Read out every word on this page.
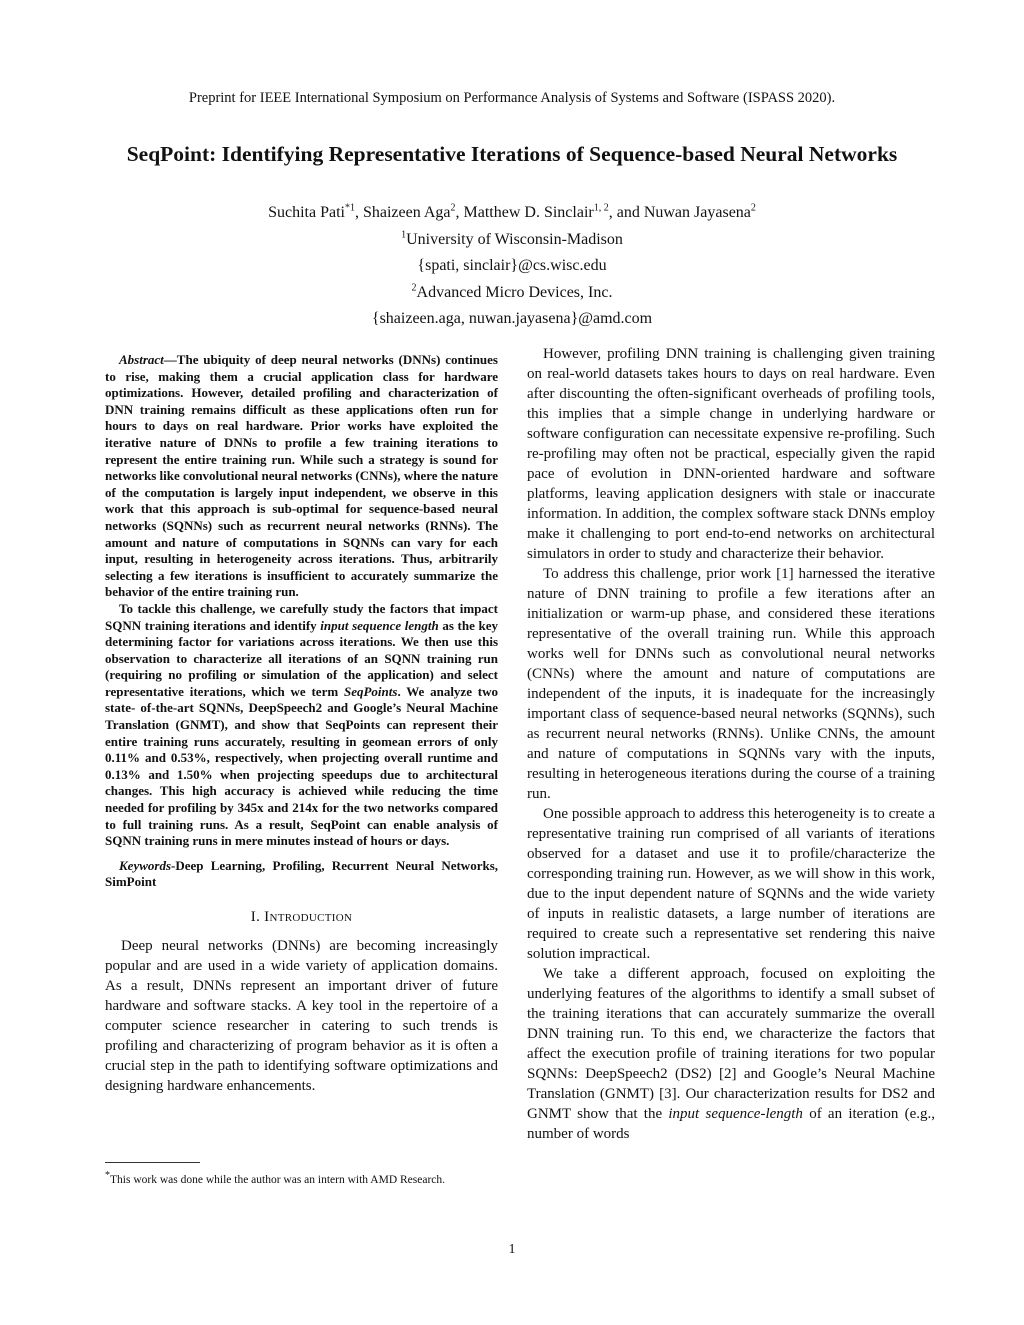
Preprint for IEEE International Symposium on Performance Analysis of Systems and Software (ISPASS 2020).
SeqPoint: Identifying Representative Iterations of Sequence-based Neural Networks
Suchita Pati$^{*1}$, Shaizeen Aga$^2$, Matthew D. Sinclair$^{1, 2}$, and Nuwan Jayasena$^2$
$^1$University of Wisconsin-Madison
{spati, sinclair}@cs.wisc.edu
$^2$Advanced Micro Devices, Inc.
{shaizeen.aga, nuwan.jayasena}@amd.com

Abstract—The ubiquity of deep neural networks (DNNs) continues to rise, making them a crucial application class for hardware optimizations. However, detailed profiling and characterization of DNN training remains difficult as these applications often run for hours to days on real hardware. Prior works have exploited the iterative nature of DNNs to profile a few training iterations to represent the entire training run. While such a strategy is sound for networks like convolutional neural networks (CNNs), where the nature of the computation is largely input independent, we observe in this work that this approach is sub-optimal for sequence-based neural networks (SQNNs) such as recurrent neural networks (RNNs). The amount and nature of computations in SQNNs can vary for each input, resulting in heterogeneity across iterations. Thus, arbitrarily selecting a few iterations is insufficient to accurately summarize the behavior of the entire training run.

To tackle this challenge, we carefully study the factors that impact SQNN training iterations and identify input sequence length as the key determining factor for variations across iterations. We then use this observation to characterize all iterations of an SQNN training run (requiring no profiling or simulation of the application) and select representative iterations, which we term SeqPoints. We analyze two state- of-the-art SQNNs, DeepSpeech2 and Google’s Neural Machine Translation (GNMT), and show that SeqPoints can represent their entire training runs accurately, resulting in geomean errors of only 0.11% and 0.53%, respectively, when projecting overall runtime and 0.13% and 1.50% when projecting speedups due to architectural changes. This high accuracy is achieved while reducing the time needed for profiling by 345x and 214x for the two networks compared to full training runs. As a result, SeqPoint can enable analysis of SQNN training runs in mere minutes instead of hours or days.

Keywords-Deep Learning, Profiling, Recurrent Neural Networks, SimPoint

I. Introduction

Deep neural networks (DNNs) are becoming increasingly popular and are used in a wide variety of application domains. As a result, DNNs represent an important driver of future hardware and software stacks. A key tool in the repertoire of a computer science researcher in catering to such trends is profiling and characterizing of program behavior as it is often a crucial step in the path to identifying software optimizations and designing hardware enhancements.

However, profiling DNN training is challenging given training on real-world datasets takes hours to days on real hardware. Even after discounting the often-significant overheads of profiling tools, this implies that a simple change in underlying hardware or software configuration can necessitate expensive re-profiling. Such re-profiling may often not be practical, especially given the rapid pace of evolution in DNN-oriented hardware and software platforms, leaving application designers with stale or inaccurate information. In addition, the complex software stack DNNs employ make it challenging to port end-to-end networks on architectural simulators in order to study and characterize their behavior.

To address this challenge, prior work [1] harnessed the iterative nature of DNN training to profile a few iterations after an initialization or warm-up phase, and considered these iterations representative of the overall training run. While this approach works well for DNNs such as convolutional neural networks (CNNs) where the amount and nature of computations are independent of the inputs, it is inadequate for the increasingly important class of sequence-based neural networks (SQNNs), such as recurrent neural networks (RNNs). Unlike CNNs, the amount and nature of computations in SQNNs vary with the inputs, resulting in heterogeneous iterations during the course of a training run.

One possible approach to address this heterogeneity is to create a representative training run comprised of all variants of iterations observed for a dataset and use it to profile/characterize the corresponding training run. However, as we will show in this work, due to the input dependent nature of SQNNs and the wide variety of inputs in realistic datasets, a large number of iterations are required to create such a representative set rendering this naive solution impractical.

We take a different approach, focused on exploiting the underlying features of the algorithms to identify a small subset of the training iterations that can accurately summarize the overall DNN training run. To this end, we characterize the factors that affect the execution profile of training iterations for two popular SQNNs: DeepSpeech2 (DS2) [2] and Google’s Neural Machine Translation (GNMT) [3]. Our characterization results for DS2 and GNMT show that the input sequence-length of an iteration (e.g., number of words

*This work was done while the author was an intern with AMD Research.
1
